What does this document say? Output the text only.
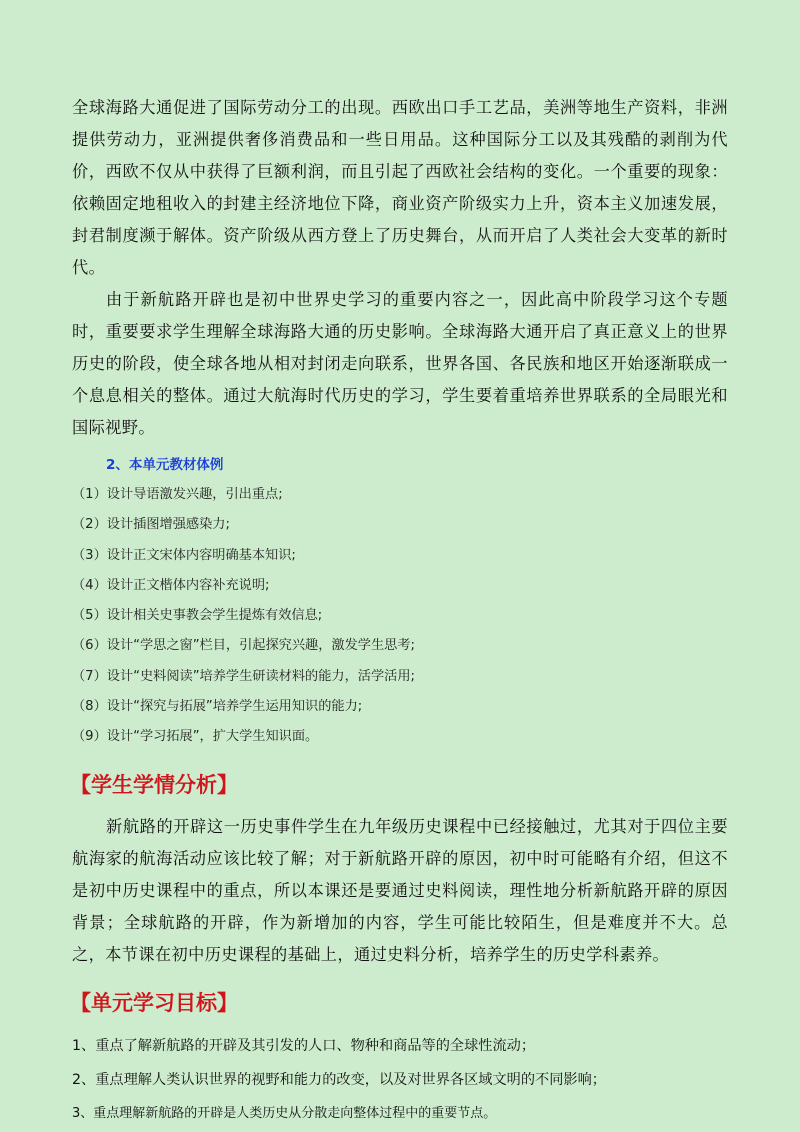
全球海路大通促进了国际劳动分工的出现。西欧出口手工艺品，美洲等地生产资料，非洲提供劳动力，亚洲提供奢侈消费品和一些日用品。这种国际分工以及其残酷的剥削为代价，西欧不仅从中获得了巨额利润，而且引起了西欧社会结构的变化。一个重要的现象：依赖固定地租收入的封建主经济地位下降，商业资产阶级实力上升，资本主义加速发展，封君制度濒于解体。资产阶级从西方登上了历史舞台，从而开启了人类社会大变革的新时代。

由于新航路开辟也是初中世界史学习的重要内容之一，因此高中阶段学习这个专题时，重要要求学生理解全球海路大通的历史影响。全球海路大通开启了真正意义上的世界历史的阶段，使全球各地从相对封闭走向联系，世界各国、各民族和地区开始逐渐联成一个息息相关的整体。通过大航海时代历史的学习，学生要着重培养世界联系的全局眼光和国际视野。

2、本单元教材体例
（1）设计导语激发兴趣，引出重点;
（2）设计插图增强感染力;
（3）设计正文宋体内容明确基本知识;
（4）设计正文楷体内容补充说明;
（5）设计相关史事教会学生提炼有效信息;
（6）设计“学思之窗”栏目，引起探究兴趣，激发学生思考;
（7）设计“史料阅读”培养学生研读材料的能力，活学活用;
（8）设计“探究与拓展”培养学生运用知识的能力;
（9）设计“学习拓展”，扩大学生知识面。
【学生学情分析】

新航路的开辟这一历史事件学生在九年级历史课程中已经接触过，尤其对于四位主要航海家的航海活动应该比较了解；对于新航路开辟的原因，初中时可能略有介绍，但这不是初中历史课程中的重点，所以本课还是要通过史料阅读，理性地分析新航路开辟的原因背景；全球航路的开辟，作为新增加的内容，学生可能比较陌生，但是难度并不大。总之，本节课在初中历史课程的基础上，通过史料分析，培养学生的历史学科素养。

【单元学习目标】
1、重点了解新航路的开辟及其引发的人口、物种和商品等的全球性流动；
2、重点理解人类认识世界的视野和能力的改变，以及对世界各区域文明的不同影响；
3、重点理解新航路的开辟是人类历史从分散走向整体过程中的重要节点。
